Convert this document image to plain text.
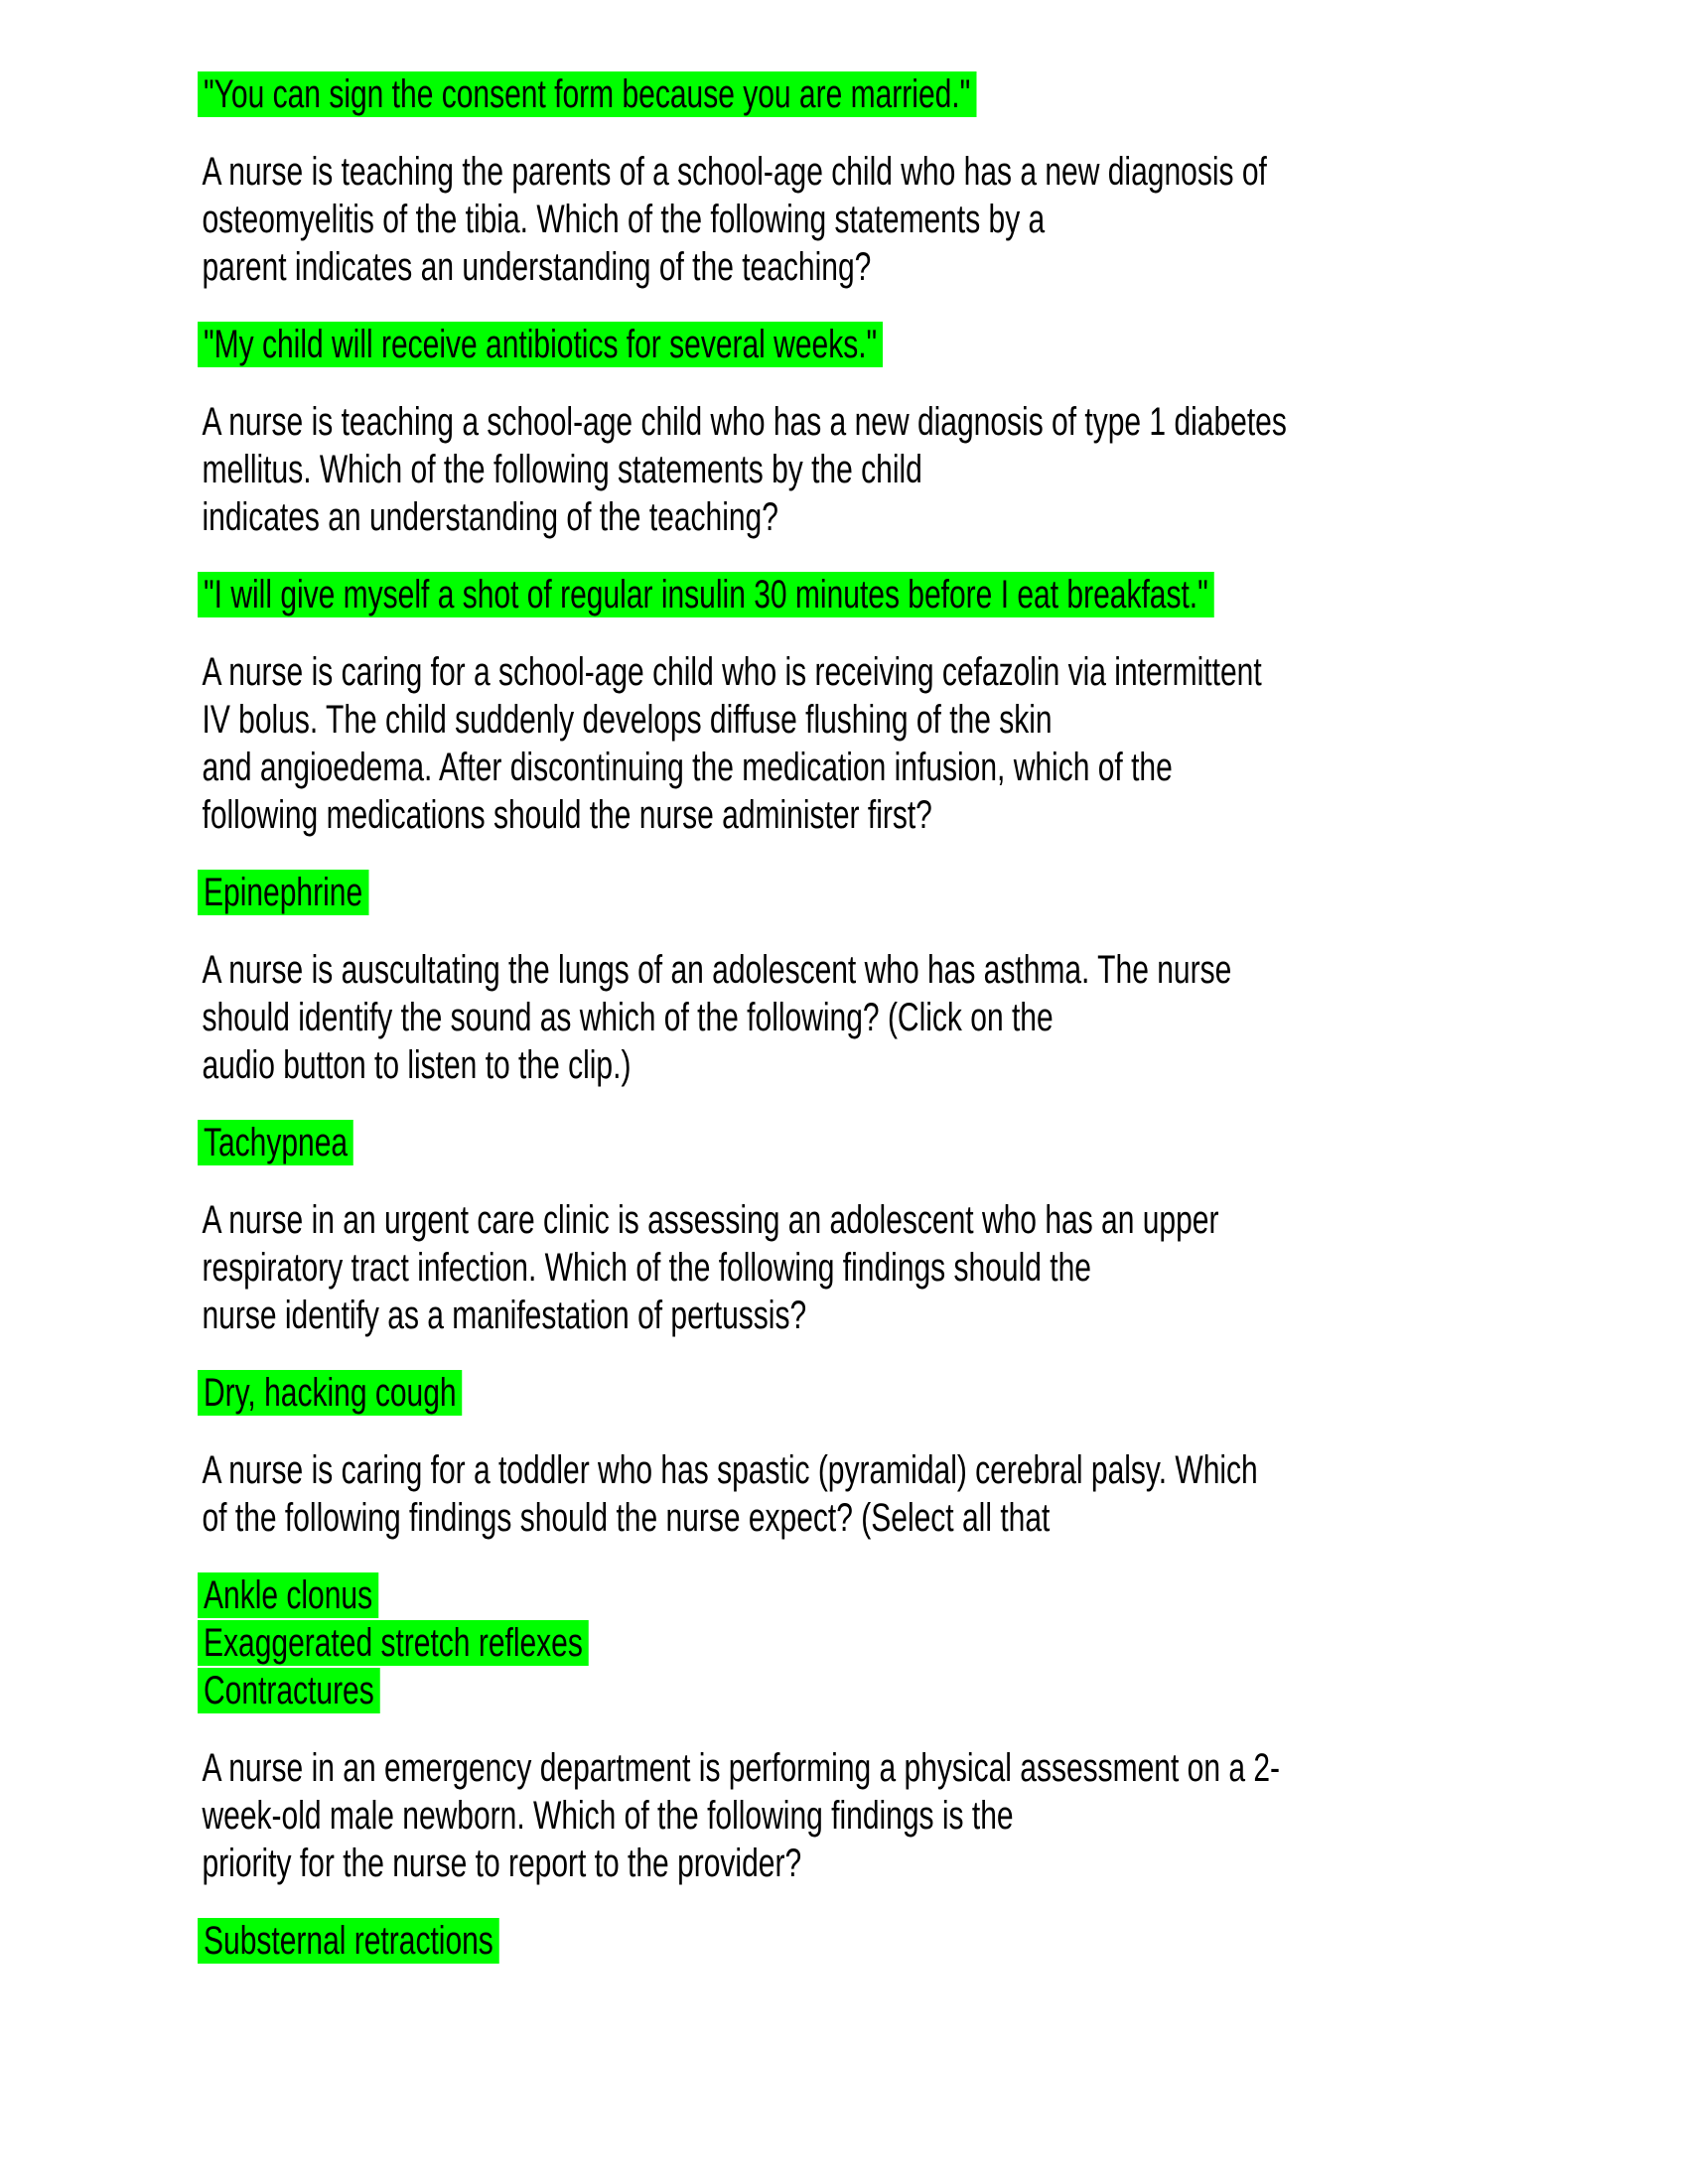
"You can sign the consent form because you are married."
A nurse is teaching the parents of a school-age child who has a new diagnosis of
osteomyelitis of the tibia. Which of the following statements by a
parent indicates an understanding of the teaching?
"My child will receive antibiotics for several weeks."
A nurse is teaching a school-age child who has a new diagnosis of type 1 diabetes
mellitus. Which of the following statements by the child
indicates an understanding of the teaching?
"I will give myself a shot of regular insulin 30 minutes before I eat breakfast."
A nurse is caring for a school-age child who is receiving cefazolin via intermittent
IV bolus. The child suddenly develops diffuse flushing of the skin
and angioedema. After discontinuing the medication infusion, which of the
following medications should the nurse administer first?
Epinephrine
A nurse is auscultating the lungs of an adolescent who has asthma. The nurse
should identify the sound as which of the following? (Click on the
audio button to listen to the clip.)
Tachypnea
A nurse in an urgent care clinic is assessing an adolescent who has an upper
respiratory tract infection. Which of the following findings should the
nurse identify as a manifestation of pertussis?
Dry, hacking cough
A nurse is caring for a toddler who has spastic (pyramidal) cerebral palsy. Which
of the following findings should the nurse expect? (Select all that
Ankle clonus
Exaggerated stretch reflexes
Contractures
A nurse in an emergency department is performing a physical assessment on a 2-
week-old male newborn. Which of the following findings is the
priority for the nurse to report to the provider?
Substernal retractions
